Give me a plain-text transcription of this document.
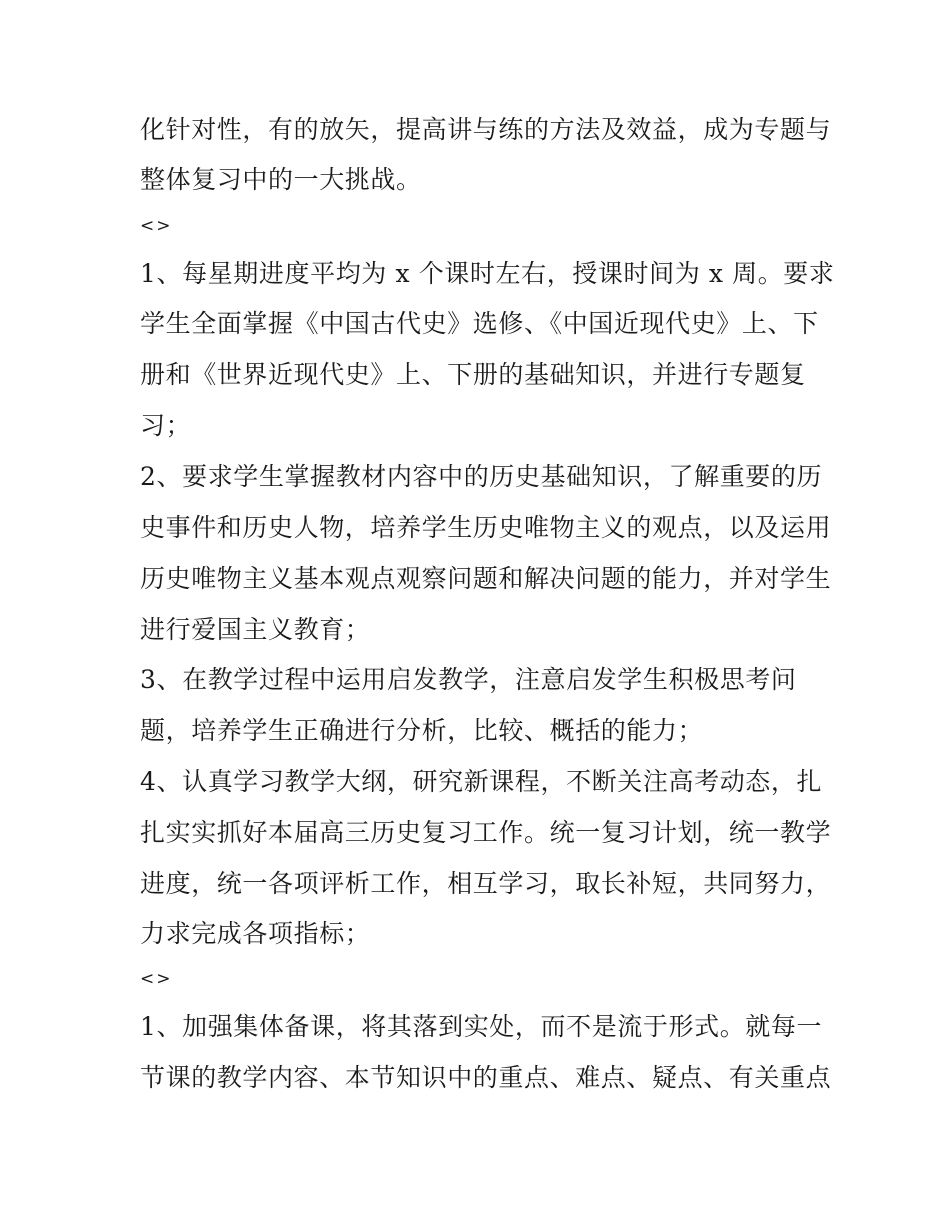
化针对性，有的放矢，提高讲与练的方法及效益，成为专题与
整体复习中的一大挑战。
<>
1、每星期进度平均为 x 个课时左右，授课时间为 x 周。要求
学生全面掌握《中国古代史》选修、《中国近现代史》上、下
册和《世界近现代史》上、下册的基础知识，并进行专题复
习；
2、要求学生掌握教材内容中的历史基础知识，了解重要的历
史事件和历史人物，培养学生历史唯物主义的观点，以及运用
历史唯物主义基本观点观察问题和解决问题的能力，并对学生
进行爱国主义教育；
3、在教学过程中运用启发教学，注意启发学生积极思考问
题，培养学生正确进行分析，比较、概括的能力；
4、认真学习教学大纲，研究新课程，不断关注高考动态，扎
扎实实抓好本届高三历史复习工作。统一复习计划，统一教学
进度，统一各项评析工作，相互学习，取长补短，共同努力，
力求完成各项指标；
<>
1、加强集体备课，将其落到实处，而不是流于形式。就每一
节课的教学内容、本节知识中的重点、难点、疑点、有关重点
